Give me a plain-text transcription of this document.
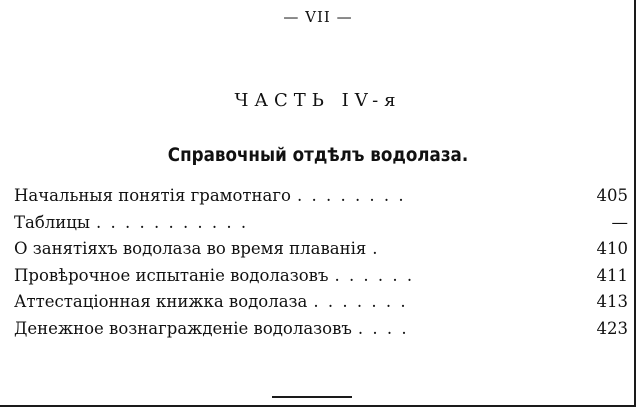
— VII —
ЧАСТЬ IV-я
Справочный отдѣлъ водолаза.
Начальныя понятія грамотнаго . . . . . . . .	405
Таблицы . . . . . . . . . . .	—
О занятіяхъ водолаза во время плаванія .	410
Провѣрочное испытаніе водолазовъ . . . . . .	411
Аттестаціонная книжка водолаза . . . . . . .	413
Денежное вознагражденіе водолазовъ . . . .	423
